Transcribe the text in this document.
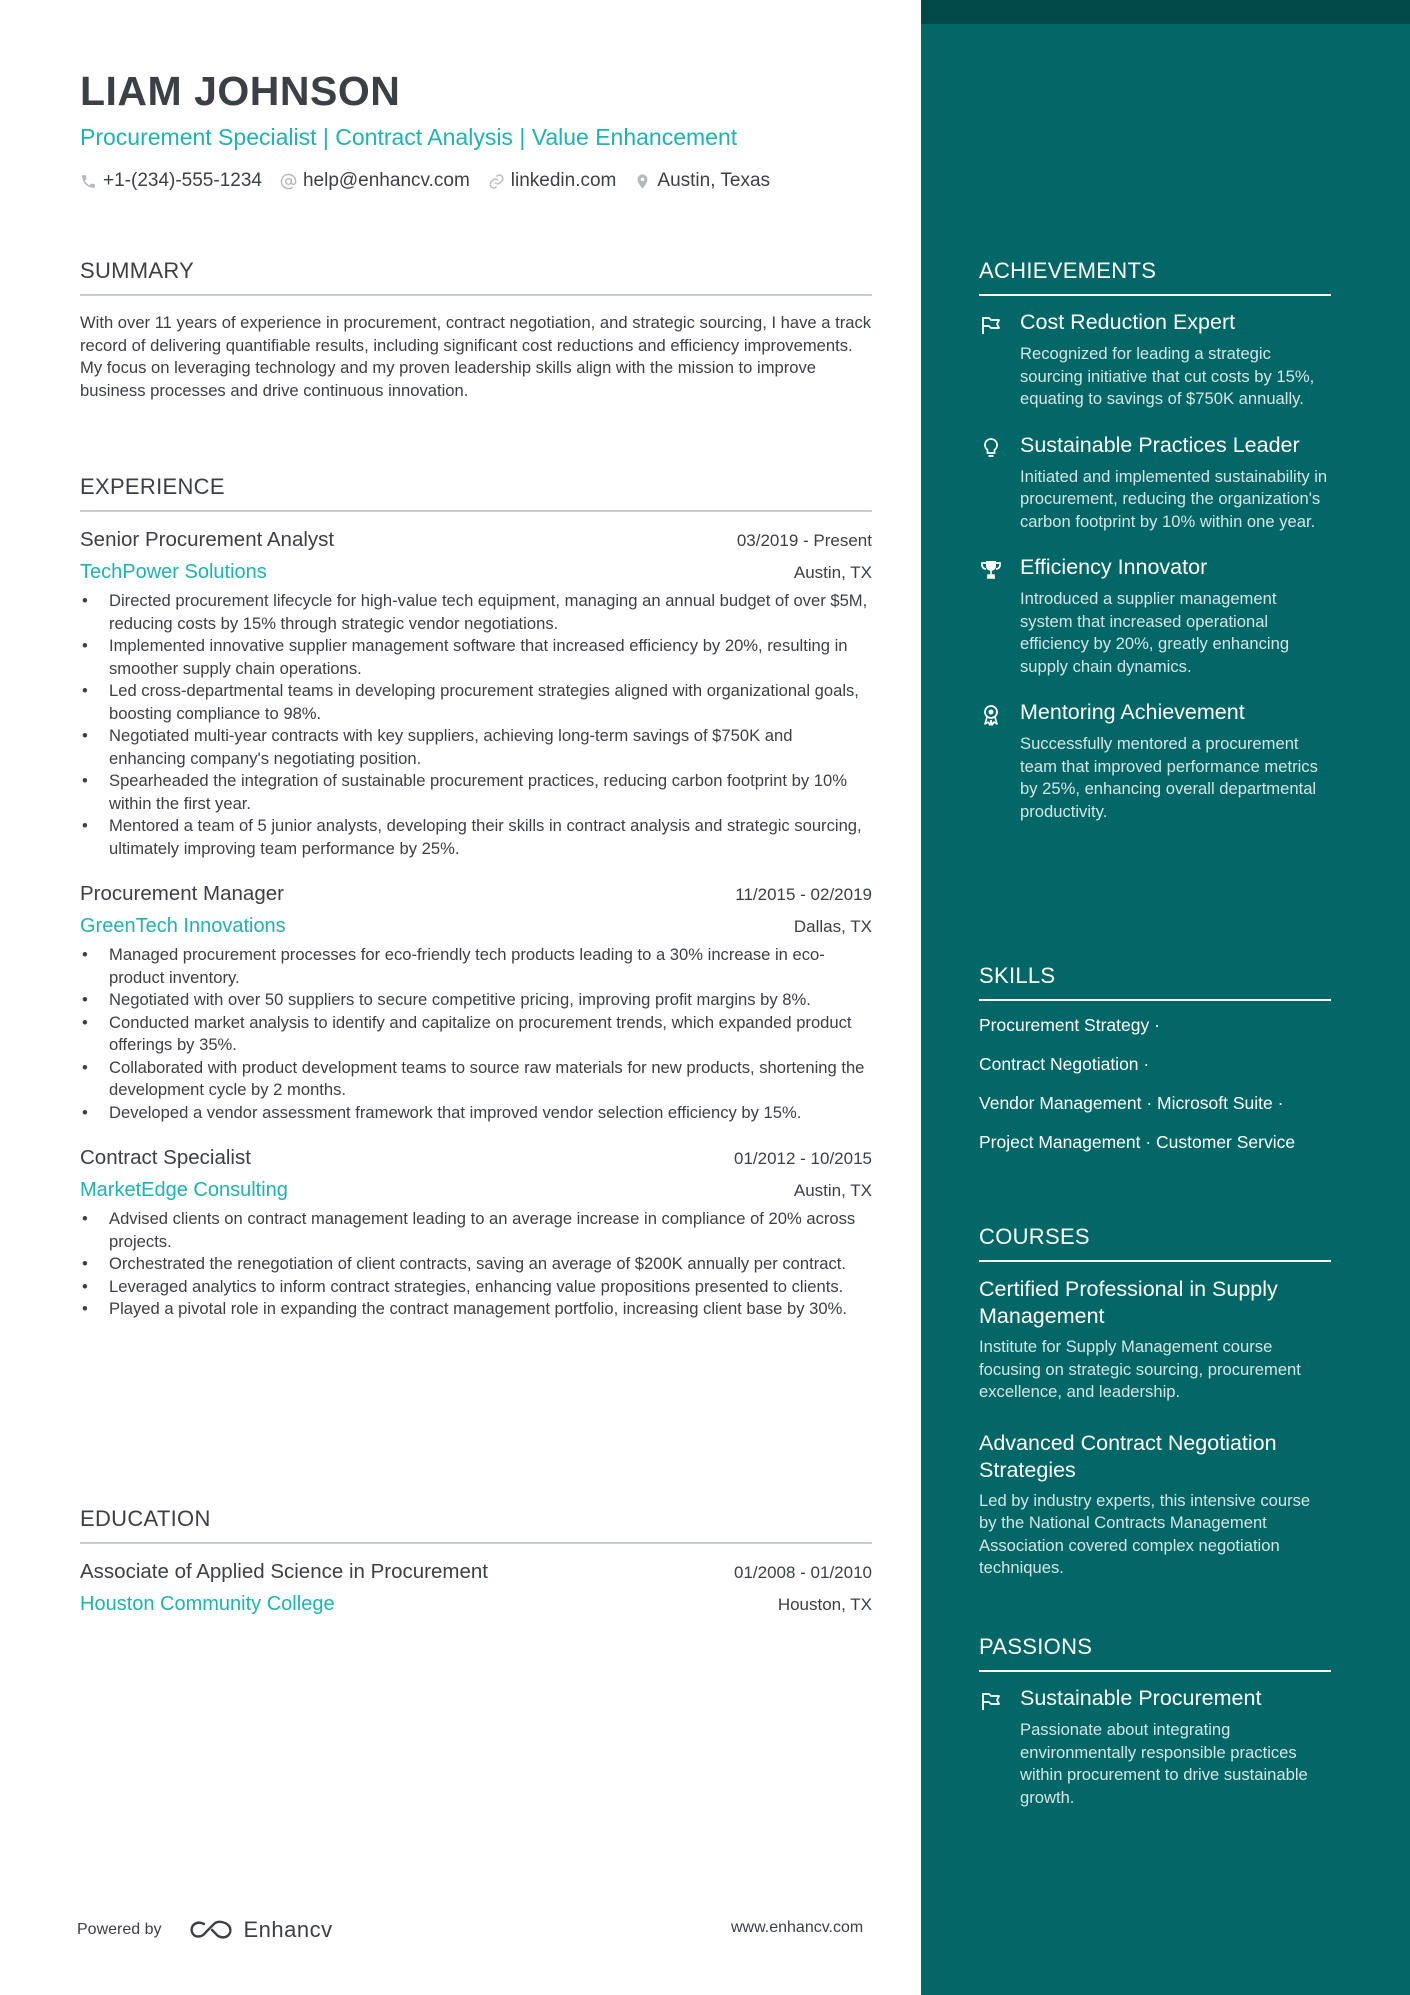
LIAM JOHNSON
Procurement Specialist | Contract Analysis | Value Enhancement
+1-(234)-555-1234 help@enhancv.com linkedin.com Austin, Texas
SUMMARY
With over 11 years of experience in procurement, contract negotiation, and strategic sourcing, I have a track record of delivering quantifiable results, including significant cost reductions and efficiency improvements. My focus on leveraging technology and my proven leadership skills align with the mission to improve business processes and drive continuous innovation.
EXPERIENCE
Senior Procurement Analyst	03/2019 - Present
TechPower Solutions	Austin, TX
• Directed procurement lifecycle for high-value tech equipment, managing an annual budget of over $5M, reducing costs by 15% through strategic vendor negotiations.
• Implemented innovative supplier management software that increased efficiency by 20%, resulting in smoother supply chain operations.
• Led cross-departmental teams in developing procurement strategies aligned with organizational goals, boosting compliance to 98%.
• Negotiated multi-year contracts with key suppliers, achieving long-term savings of $750K and enhancing company's negotiating position.
• Spearheaded the integration of sustainable procurement practices, reducing carbon footprint by 10% within the first year.
• Mentored a team of 5 junior analysts, developing their skills in contract analysis and strategic sourcing, ultimately improving team performance by 25%.
Procurement Manager	11/2015 - 02/2019
GreenTech Innovations	Dallas, TX
• Managed procurement processes for eco-friendly tech products leading to a 30% increase in eco-product inventory.
• Negotiated with over 50 suppliers to secure competitive pricing, improving profit margins by 8%.
• Conducted market analysis to identify and capitalize on procurement trends, which expanded product offerings by 35%.
• Collaborated with product development teams to source raw materials for new products, shortening the development cycle by 2 months.
• Developed a vendor assessment framework that improved vendor selection efficiency by 15%.
Contract Specialist	01/2012 - 10/2015
MarketEdge Consulting	Austin, TX
• Advised clients on contract management leading to an average increase in compliance of 20% across projects.
• Orchestrated the renegotiation of client contracts, saving an average of $200K annually per contract.
• Leveraged analytics to inform contract strategies, enhancing value propositions presented to clients.
• Played a pivotal role in expanding the contract management portfolio, increasing client base by 30%.
EDUCATION
Associate of Applied Science in Procurement	01/2008 - 01/2010
Houston Community College	Houston, TX
Powered by	Enhancv	www.enhancv.com
ACHIEVEMENTS
Cost Reduction Expert
Recognized for leading a strategic sourcing initiative that cut costs by 15%, equating to savings of $750K annually.
Sustainable Practices Leader
Initiated and implemented sustainability in procurement, reducing the organization's carbon footprint by 10% within one year.
Efficiency Innovator
Introduced a supplier management system that increased operational efficiency by 20%, greatly enhancing supply chain dynamics.
Mentoring Achievement
Successfully mentored a procurement team that improved performance metrics by 25%, enhancing overall departmental productivity.
SKILLS
Procurement Strategy ·
Contract Negotiation ·
Vendor Management · Microsoft Suite ·
Project Management · Customer Service
COURSES
Certified Professional in Supply Management
Institute for Supply Management course focusing on strategic sourcing, procurement excellence, and leadership.
Advanced Contract Negotiation Strategies
Led by industry experts, this intensive course by the National Contracts Management Association covered complex negotiation techniques.
PASSIONS
Sustainable Procurement
Passionate about integrating environmentally responsible practices within procurement to drive sustainable growth.
